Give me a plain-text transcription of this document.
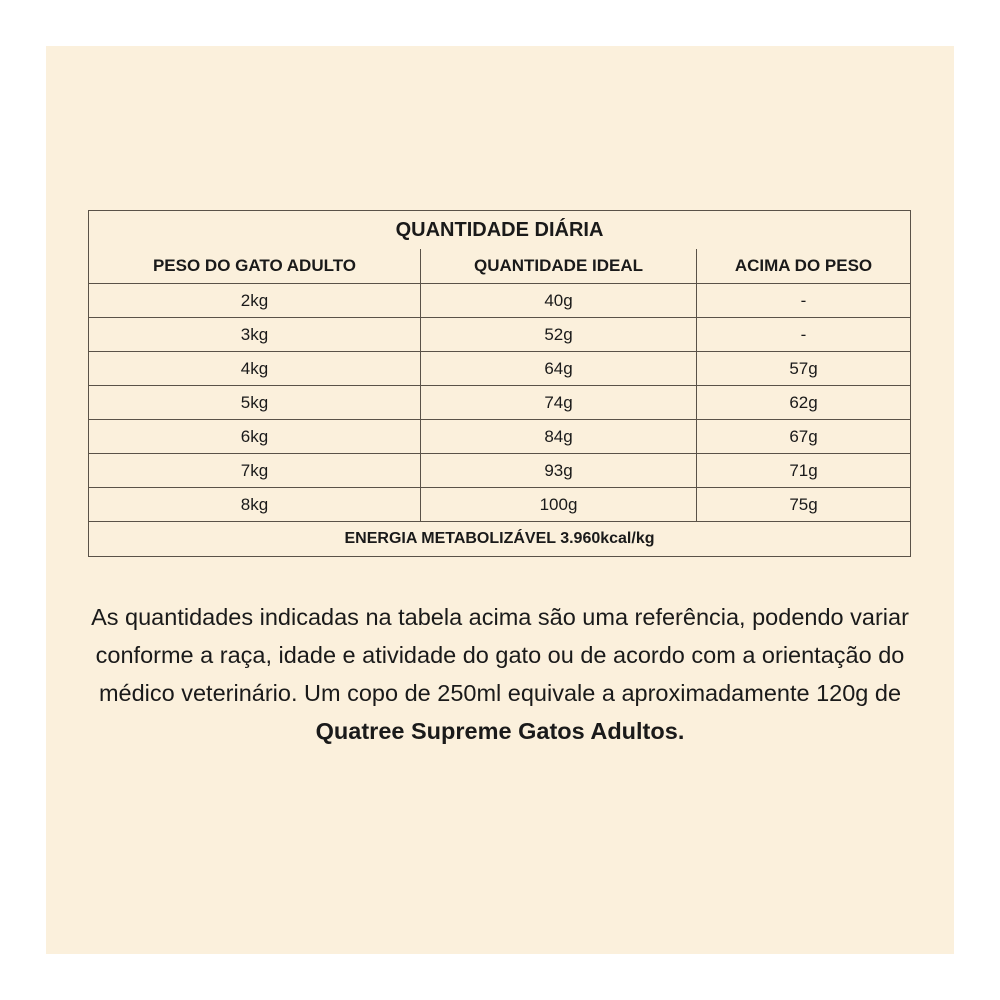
QUANTIDADE DIÁRIA		
PESO DO GATO ADULTO	QUANTIDADE IDEAL	ACIMA DO PESO
2kg	40g	-
3kg	52g	-
4kg	64g	57g
5kg	74g	62g
6kg	84g	67g
7kg	93g	71g
8kg	100g	75g
ENERGIA METABOLIZÁVEL 3.960kcal/kg		
As quantidades indicadas na tabela acima são uma referência, podendo variar conforme a raça, idade e atividade do gato ou de acordo com a orientação do médico veterinário. Um copo de 250ml equivale a aproximadamente 120g de Quatree Supreme Gatos Adultos.
